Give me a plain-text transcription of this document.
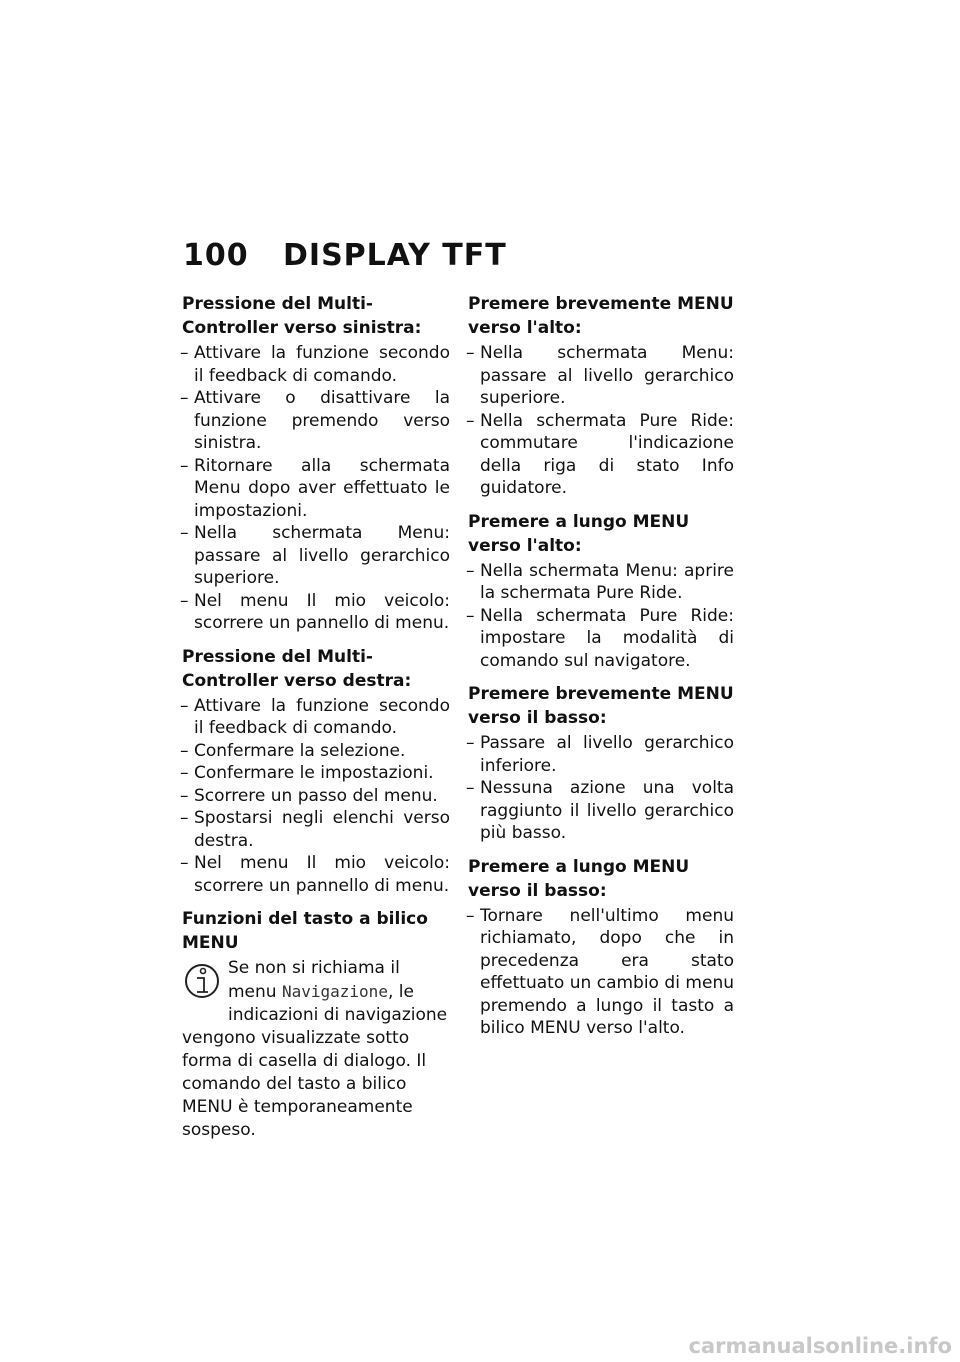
100 DISPLAY TFT
Pressione del Multi-Controller verso sinistra:
– Attivare la funzione secondo il feedback di comando.
– Attivare o disattivare la funzione premendo verso sinistra.
– Ritornare alla schermata Menu dopo aver effettuato le impostazioni.
– Nella schermata Menu: passare al livello gerarchico superiore.
– Nel menu Il mio veicolo: scorrere un pannello di menu.
Pressione del Multi-Controller verso destra:
– Attivare la funzione secondo il feedback di comando.
– Confermare la selezione.
– Confermare le impostazioni.
– Scorrere un passo del menu.
– Spostarsi negli elenchi verso destra.
– Nel menu Il mio veicolo: scorrere un pannello di menu.
Funzioni del tasto a bilico MENU
Se non si richiama il menu Navigazione, le indicazioni di navigazione vengono visualizzate sotto forma di casella di dialogo. Il comando del tasto a bilico MENU è temporaneamente sospeso.
Premere brevemente MENU verso l'alto:
– Nella schermata Menu: passare al livello gerarchico superiore.
– Nella schermata Pure Ride: commutare l'indicazione della riga di stato Info guidatore.
Premere a lungo MENU verso l'alto:
– Nella schermata Menu: aprire la schermata Pure Ride.
– Nella schermata Pure Ride: impostare la modalità di comando sul navigatore.
Premere brevemente MENU verso il basso:
– Passare al livello gerarchico inferiore.
– Nessuna azione una volta raggiunto il livello gerarchico più basso.
Premere a lungo MENU verso il basso:
– Tornare nell'ultimo menu richiamato, dopo che in precedenza era stato effettuato un cambio di menu premendo a lungo il tasto a bilico MENU verso l'alto.
carmanualsonline.info
